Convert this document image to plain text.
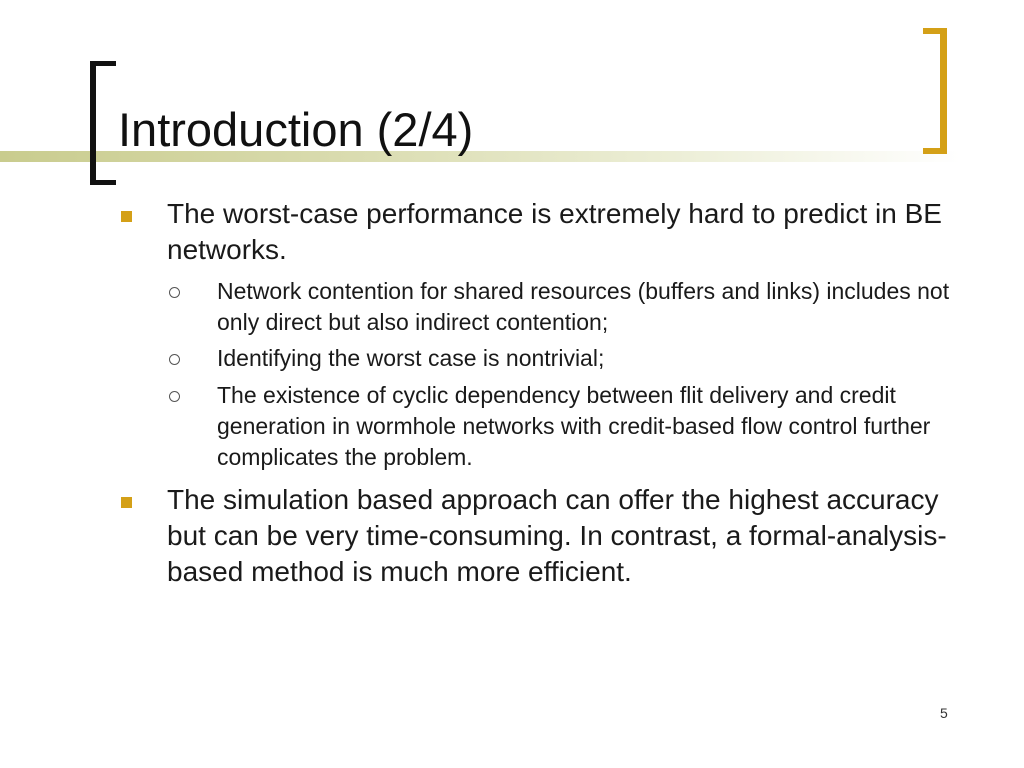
Introduction (2/4)
The worst-case performance is extremely hard to predict in BE networks.
Network contention for shared resources (buffers and links) includes not only direct but also indirect contention;
Identifying the worst case is nontrivial;
The existence of cyclic dependency between flit delivery and credit generation in wormhole networks with credit-based flow control further complicates the problem.
The simulation based approach can offer the highest accuracy but can be very time-consuming. In contrast, a formal-analysis-based method is much more efficient.
5
